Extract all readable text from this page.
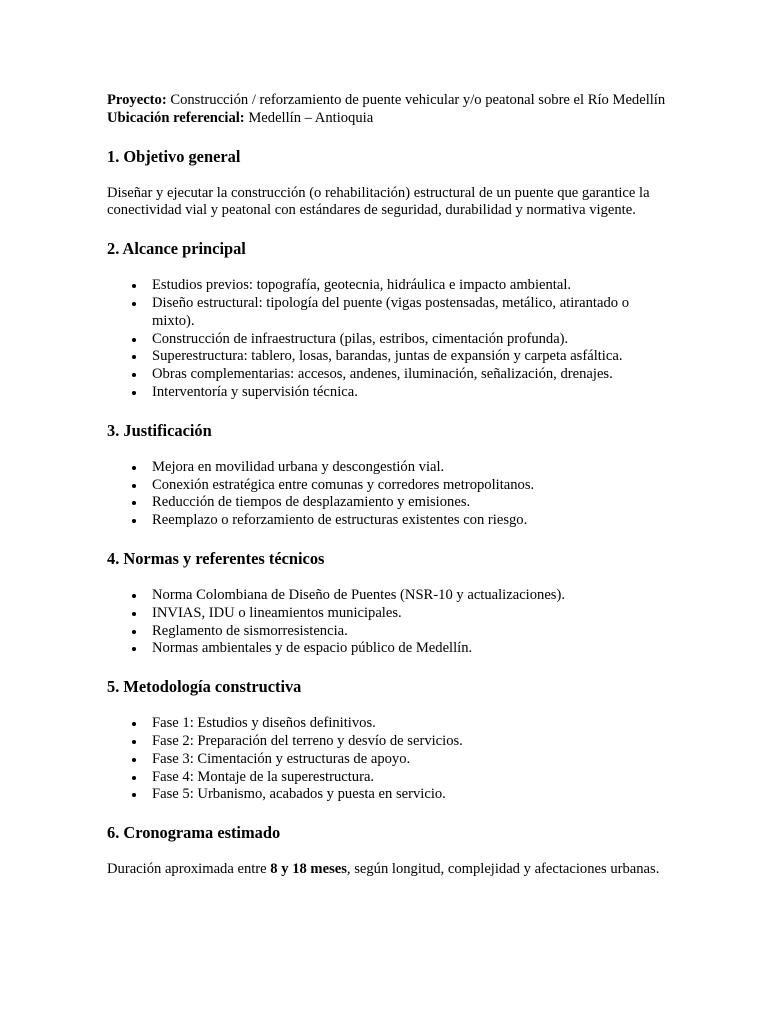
Proyecto: Construcción / reforzamiento de puente vehicular y/o peatonal sobre el Río Medellín

Ubicación referencial: Medellín – Antioquia

1. Objetivo general

Diseñar y ejecutar la construcción (o rehabilitación) estructural de un puente que garantice la conectividad vial y peatonal con estándares de seguridad, durabilidad y normativa vigente.

2. Alcance principal
Estudios previos: topografía, geotecnia, hidráulica e impacto ambiental.
Diseño estructural: tipología del puente (vigas postensadas, metálico, atirantado o mixto).
Construcción de infraestructura (pilas, estribos, cimentación profunda).
Superestructura: tablero, losas, barandas, juntas de expansión y carpeta asfáltica.
Obras complementarias: accesos, andenes, iluminación, señalización, drenajes.
Interventoría y supervisión técnica.
3. Justificación
Mejora en movilidad urbana y descongestión vial.
Conexión estratégica entre comunas y corredores metropolitanos.
Reducción de tiempos de desplazamiento y emisiones.
Reemplazo o reforzamiento de estructuras existentes con riesgo.
4. Normas y referentes técnicos
Norma Colombiana de Diseño de Puentes (NSR-10 y actualizaciones).
INVIAS, IDU o lineamientos municipales.
Reglamento de sismorresistencia.
Normas ambientales y de espacio público de Medellín.
5. Metodología constructiva
Fase 1: Estudios y diseños definitivos.
Fase 2: Preparación del terreno y desvío de servicios.
Fase 3: Cimentación y estructuras de apoyo.
Fase 4: Montaje de la superestructura.
Fase 5: Urbanismo, acabados y puesta en servicio.
6. Cronograma estimado

Duración aproximada entre 8 y 18 meses, según longitud, complejidad y afectaciones urbanas.
